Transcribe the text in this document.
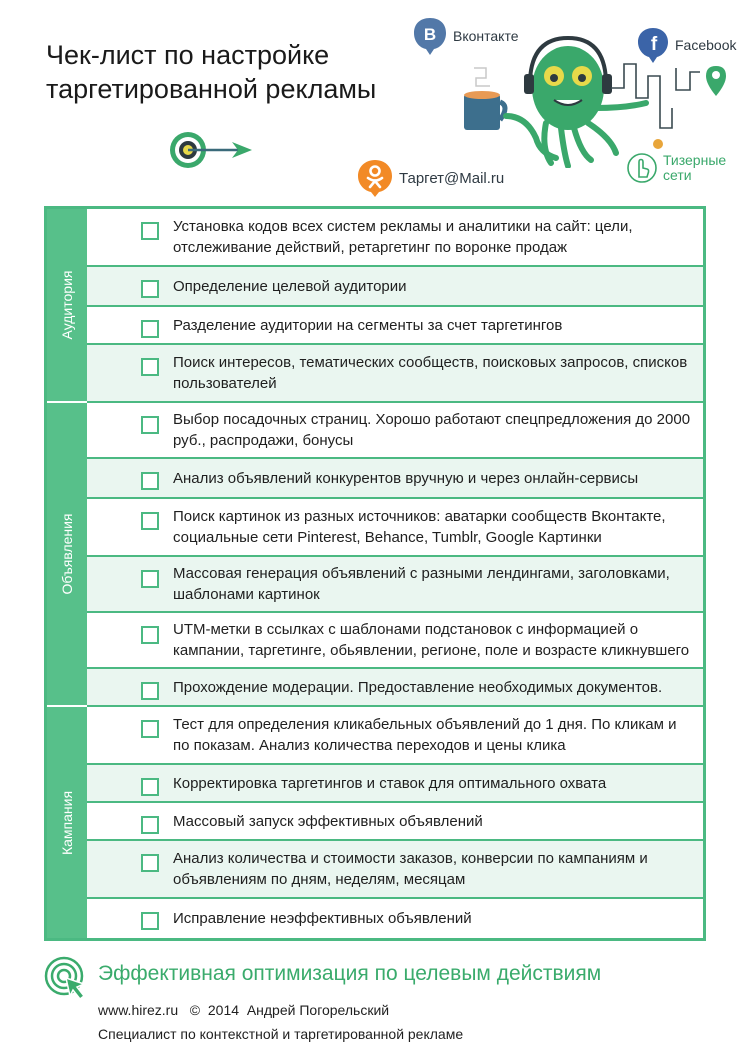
Чек-лист по настройке
таргетированной рекламы
В Вконтакте	f Facebook
Таргет@Mail.ru
Тизерные
сети
Аудитория
Установка кодов всех систем рекламы и аналитики на сайт: цели, отслеживание действий, ретаргетинг по воронке продаж
Определение целевой аудитории
Разделение аудитории на сегменты за счет таргетингов
Поиск интересов, тематических сообществ, поисковых запросов, списков пользователей
Объявления
Выбор посадочных страниц. Хорошо работают спецпредложения до 2000 руб., распродажи, бонусы
Анализ объявлений конкурентов вручную и через онлайн-сервисы
Поиск картинок из разных источников: аватарки сообществ Вконтакте, социальные сети Pinterest, Behance, Tumblr, Google Картинки
Массовая генерация объявлений с разными лендингами, заголовками, шаблонами картинок
UTM-метки в ссылках с шаблонами подстановок с информацией о кампании, таргетинге, обьявлении, регионе, поле и возрасте кликнувшего
Прохождение модерации. Предоставление необходимых документов.
Кампания
Тест для определения кликабельных объявлений до 1 дня. По кликам и по показам. Анализ количества переходов и цены клика
Корректировка таргетингов и ставок для оптимального охвата
Массовый запуск эффективных объявлений
Анализ количества и стоимости заказов, конверсии по кампаниям и объявлениям по дням, неделям, месяцам
Исправление неэффективных объявлений
Эффективная оптимизация по целевым действиям
www.hirez.ru   ©  2014  Андрей Погорельский
Специалист по контекстной и таргетированной рекламе
